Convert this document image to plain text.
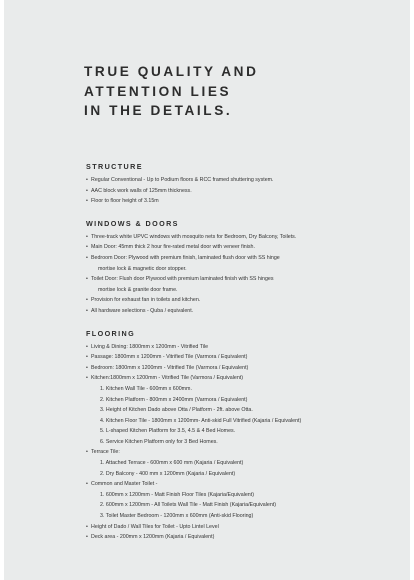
TRUE QUALITY AND
ATTENTION LIES
IN THE DETAILS.
STRUCTURE
• Regular Conventional - Up to Podium floors & RCC framed shuttering system.
• AAC block work walls of 125mm thickness.
• Floor to floor height of 3.15m
WINDOWS & DOORS
• Three-track white UPVC windows with mosquito nets for Bedroom, Dry Balcony, Toilets.
• Main Door: 45mm thick 2 hour fire-rated metal door with veneer finish.
• Bedroom Door: Plywood with premium finish, laminated flush door with SS hinge
mortise lock & magnetic door stopper.
• Toilet Door: Flush door Plywood with premium laminated finish with SS hinges
mortise lock & granite door frame.
• Provision for exhaust fan in toilets and kitchen.
• All hardware selections - Quba / equivalent.
FLOORING
• Living & Dining: 1800mm x 1200mm - Vitrified Tile
• Passage: 1800mm x 1200mm - Vitrified Tile (Varmora / Equivalent)
• Bedroom: 1800mm x 1200mm - Vitrified Tile (Varmora / Equivalent)
• Kitchen:1800mm x 1200mm - Vitrified Tile (Varmora / Equivalent)
1. Kitchen Wall Tile - 600mm x 600mm.
2. Kitchen Platform - 800mm x 2400mm (Varmora / Equivalent)
3. Height of Kitchen Dado above Otta / Platform - 2ft. above Otta.
4. Kitchen Floor Tile - 1800mm x 1200mm- Anti-skid Full Vitrified (Kajaria / Equivalent)
5. L-shaped Kitchen Platform for 3.5, 4.5 & 4 Bed Homes.
6. Service Kitchen Platform only for 3 Bed Homes.
• Terrace Tile:
1. Attached Terrace - 600mm x 600 mm (Kajaria / Equivalent)
2. Dry Balcony - 400 mm x 1200mm (Kajaria / Equivalent)
• Common and Master Toilet -
1. 600mm x 1200mm - Matt Finish Floor Tiles (Kajaria/Equivalent)
2. 600mm x 1200mm - All Toilets Wall Tile - Matt Finish (Kajaria/Equivalent)
3. Toilet Master Bedroom - 1200mm x 600mm (Anti-skid Flooring)
• Height of Dado / Wall Tiles for Toilet - Upto Lintel Level
• Deck area - 200mm x 1200mm (Kajaria / Equivalent)
